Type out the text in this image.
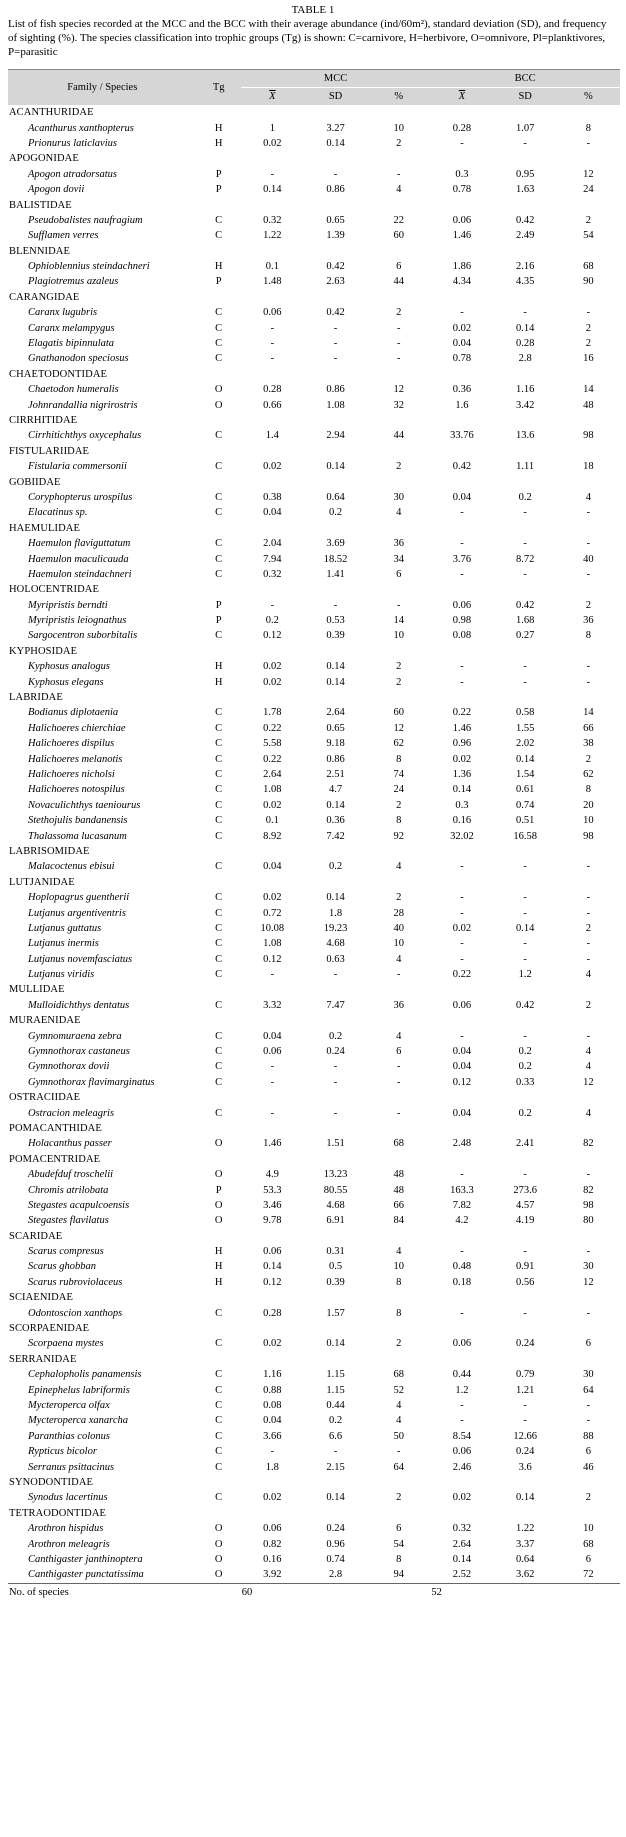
TABLE 1

List of fish species recorded at the MCC and the BCC with their average abundance (ind/60m²), standard deviation (SD), and frequency of sighting (%). The species classification into trophic groups (Tg) is shown: C=carnivore, H=herbivore, O=omnivore, Pl=planktivores, P=parasitic

Family / Species	Tg	MCC			BCC		
		$\overline{X}$	SD	%	$\overline{X}$	SD	%
ACANTHURIDAE							
Acanthurus xanthopterus	H	1	3.27	10	0.28	1.07	8
Prionurus laticlavius	H	0.02	0.14	2	-	-	-
APOGONIDAE							
Apogon atradorsatus	P	-	-	-	0.3	0.95	12
Apogon dovii	P	0.14	0.86	4	0.78	1.63	24
BALISTIDAE							
Pseudobalistes naufragium	C	0.32	0.65	22	0.06	0.42	2
Sufflamen verres	C	1.22	1.39	60	1.46	2.49	54
BLENNIDAE							
Ophioblennius steindachneri	H	0.1	0.42	6	1.86	2.16	68
Plagiotremus azaleus	P	1.48	2.63	44	4.34	4.35	90
CARANGIDAE							
Caranx lugubris	C	0.06	0.42	2	-	-	-
Caranx melampygus	C	-	-	-	0.02	0.14	2
Elagatis bipinnulata	C	-	-	-	0.04	0.28	2
Gnathanodon speciosus	C	-	-	-	0.78	2.8	16
CHAETODONTIDAE							
Chaetodon humeralis	O	0.28	0.86	12	0.36	1.16	14
Johnrandallia nigrirostris	O	0.66	1.08	32	1.6	3.42	48
CIRRHITIDAE							
Cirrhitichthys oxycephalus	C	1.4	2.94	44	33.76	13.6	98
FISTULARIIDAE							
Fistularia commersonii	C	0.02	0.14	2	0.42	1.11	18
GOBIIDAE							
Coryphopterus urospilus	C	0.38	0.64	30	0.04	0.2	4
Elacatinus sp.	C	0.04	0.2	4	-	-	-
HAEMULIDAE							
Haemulon flaviguttatum	C	2.04	3.69	36	-	-	-
Haemulon maculicauda	C	7.94	18.52	34	3.76	8.72	40
Haemulon steindachneri	C	0.32	1.41	6	-	-	-
HOLOCENTRIDAE							
Myripristis berndti	P	-	-	-	0.06	0.42	2
Myripristis leiognathus	P	0.2	0.53	14	0.98	1.68	36
Sargocentron suborbitalis	C	0.12	0.39	10	0.08	0.27	8
KYPHOSIDAE							
Kyphosus analogus	H	0.02	0.14	2	-	-	-
Kyphosus elegans	H	0.02	0.14	2	-	-	-
LABRIDAE							
Bodianus diplotaenia	C	1.78	2.64	60	0.22	0.58	14
Halichoeres chierchiae	C	0.22	0.65	12	1.46	1.55	66
Halichoeres dispilus	C	5.58	9.18	62	0.96	2.02	38
Halichoeres melanotis	C	0.22	0.86	8	0.02	0.14	2
Halichoeres nicholsi	C	2.64	2.51	74	1.36	1.54	62
Halichoeres notospilus	C	1.08	4.7	24	0.14	0.61	8
Novaculichthys taeniourus	C	0.02	0.14	2	0.3	0.74	20
Stethojulis bandanensis	C	0.1	0.36	8	0.16	0.51	10
Thalassoma lucasanum	C	8.92	7.42	92	32.02	16.58	98
LABRISOMIDAE							
Malacoctenus ebisui	C	0.04	0.2	4	-	-	-
LUTJANIDAE							
Hoplopagrus guentherii	C	0.02	0.14	2	-	-	-
Lutjanus argentiventris	C	0.72	1.8	28	-	-	-
Lutjanus guttatus	C	10.08	19.23	40	0.02	0.14	2
Lutjanus inermis	C	1.08	4.68	10	-	-	-
Lutjanus novemfasciatus	C	0.12	0.63	4	-	-	-
Lutjanus viridis	C	-	-	-	0.22	1.2	4
MULLIDAE							
Mulloidichthys dentatus	C	3.32	7.47	36	0.06	0.42	2
MURAENIDAE							
Gymnomuraena zebra	C	0.04	0.2	4	-	-	-
Gymnothorax castaneus	C	0.06	0.24	6	0.04	0.2	4
Gymnothorax dovii	C	-	-	-	0.04	0.2	4
Gymnothorax flavimarginatus	C	-	-	-	0.12	0.33	12
OSTRACIIDAE							
Ostracion meleagris	C	-	-	-	0.04	0.2	4
POMACANTHIDAE							
Holacanthus passer	O	1.46	1.51	68	2.48	2.41	82
POMACENTRIDAE							
Abudefduf troschelii	O	4.9	13.23	48	-	-	-
Chromis atrilobata	P	53.3	80.55	48	163.3	273.6	82
Stegastes acapulcoensis	O	3.46	4.68	66	7.82	4.57	98
Stegastes flavilatus	O	9.78	6.91	84	4.2	4.19	80
SCARIDAE							
Scarus compresus	H	0.06	0.31	4	-	-	-
Scarus ghobban	H	0.14	0.5	10	0.48	0.91	30
Scarus rubroviolaceus	H	0.12	0.39	8	0.18	0.56	12
SCIAENIDAE							
Odontoscion xanthops	C	0.28	1.57	8	-	-	-
SCORPAENIDAE							
Scorpaena mystes	C	0.02	0.14	2	0.06	0.24	6
SERRANIDAE							
Cephalopholis panamensis	C	1.16	1.15	68	0.44	0.79	30
Epinephelus labriformis	C	0.88	1.15	52	1.2	1.21	64
Mycteroperca olfax	C	0.08	0.44	4	-	-	-
Mycteroperca xanarcha	C	0.04	0.2	4	-	-	-
Paranthias colonus	C	3.66	6.6	50	8.54	12.66	88
Rypticus bicolor	C	-	-	-	0.06	0.24	6
Serranus psittacinus	C	1.8	2.15	64	2.46	3.6	46
SYNODONTIDAE							
Synodus lacertinus	C	0.02	0.14	2	0.02	0.14	2
TETRAODONTIDAE							
Arothron hispidus	O	0.06	0.24	6	0.32	1.22	10
Arothron meleagris	O	0.82	0.96	54	2.64	3.37	68
Canthigaster janthinoptera	O	0.16	0.74	8	0.14	0.64	6
Canthigaster punctatissima	O	3.92	2.8	94	2.52	3.62	72
No. of species		60			52		
